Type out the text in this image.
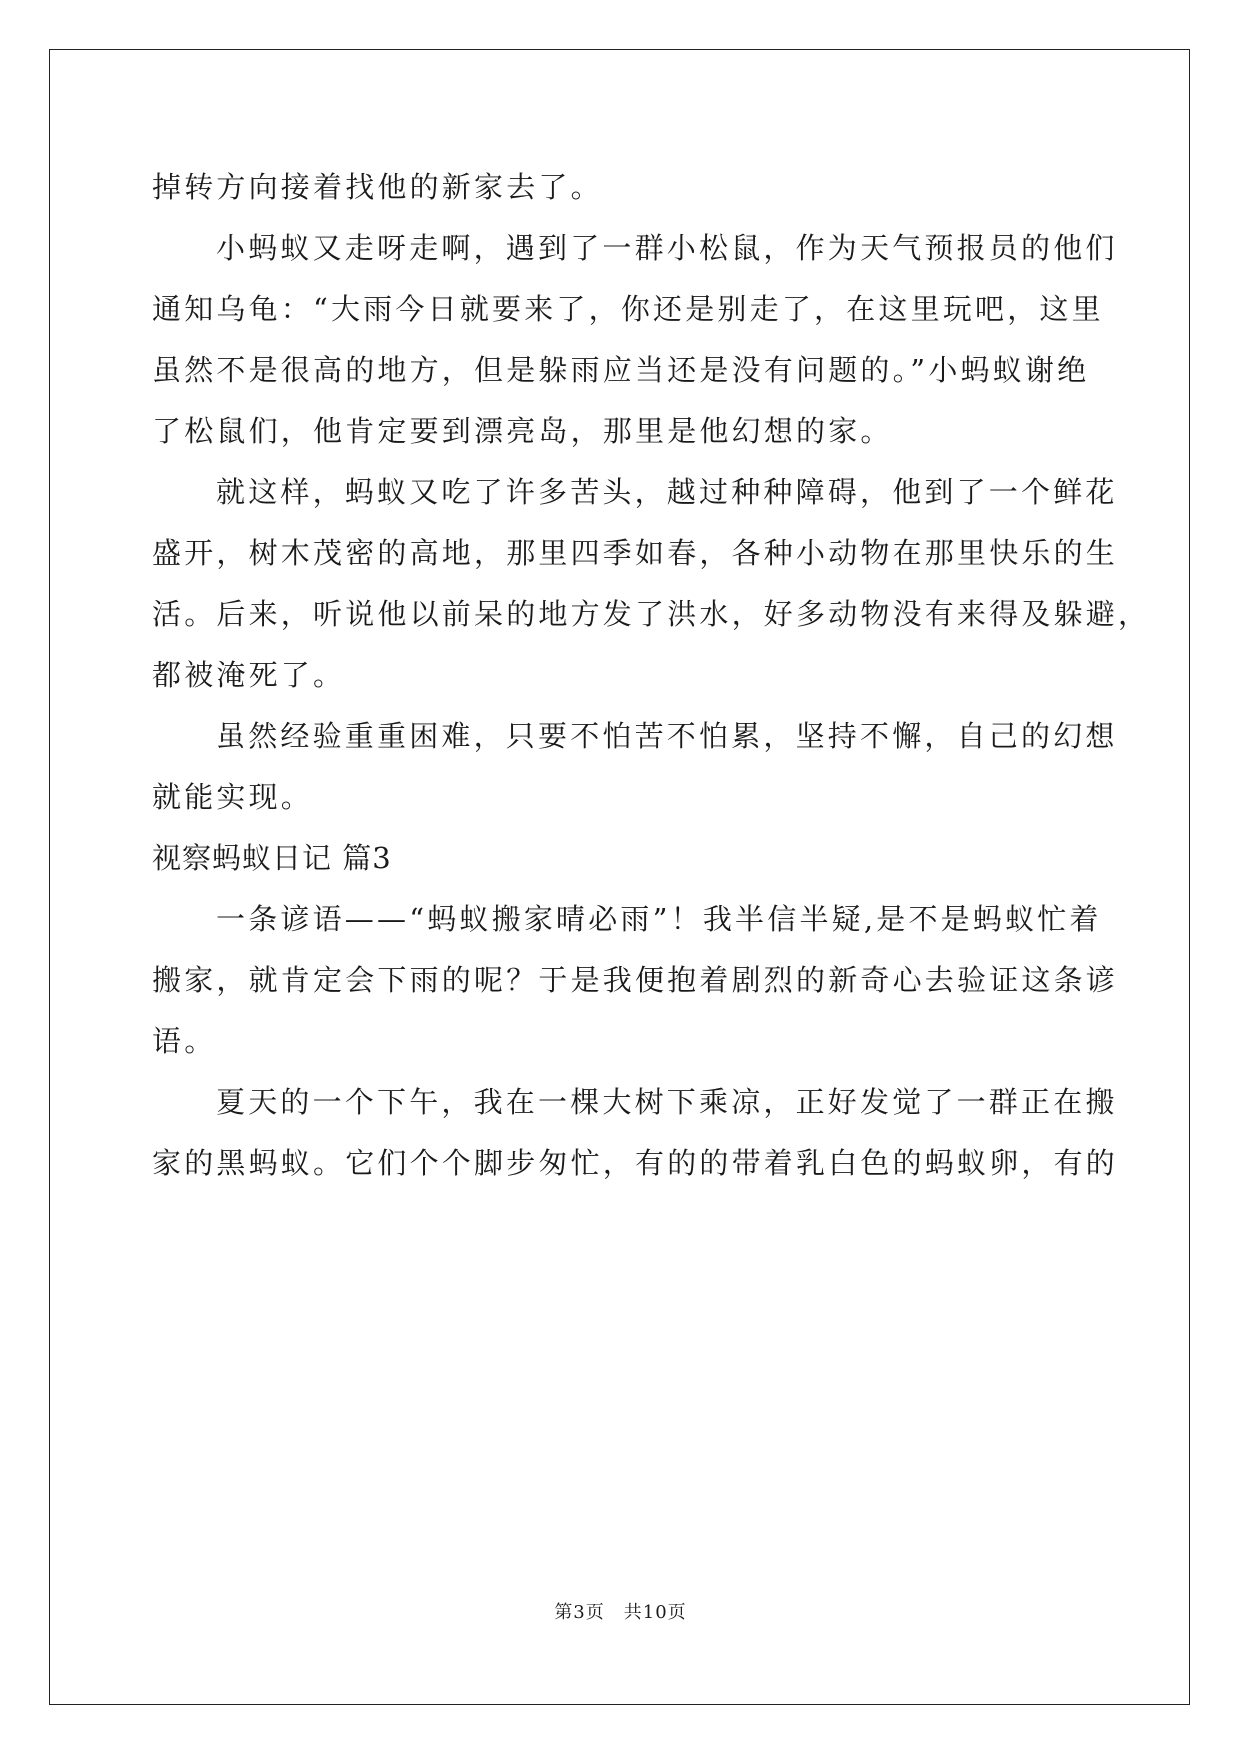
掉转方向接着找他的新家去了。
小蚂蚁又走呀走啊，遇到了一群小松鼠，作为天气预报员的他们
通知乌龟：“大雨今日就要来了，你还是别走了，在这里玩吧，这里
虽然不是很高的地方，但是躲雨应当还是没有问题的。”小蚂蚁谢绝
了松鼠们，他肯定要到漂亮岛，那里是他幻想的家。
就这样，蚂蚁又吃了许多苦头，越过种种障碍，他到了一个鲜花
盛开，树木茂密的高地，那里四季如春，各种小动物在那里快乐的生
活。后来，听说他以前呆的地方发了洪水，好多动物没有来得及躲避，
都被淹死了。
虽然经验重重困难，只要不怕苦不怕累，坚持不懈，自己的幻想
就能实现。
视察蚂蚁日记 篇3
一条谚语——“蚂蚁搬家晴必雨”！我半信半疑,是不是蚂蚁忙着
搬家，就肯定会下雨的呢？于是我便抱着剧烈的新奇心去验证这条谚
语。
夏天的一个下午，我在一棵大树下乘凉，正好发觉了一群正在搬
家的黑蚂蚁。它们个个脚步匆忙，有的的带着乳白色的蚂蚁卵，有的
第3页　共10页
